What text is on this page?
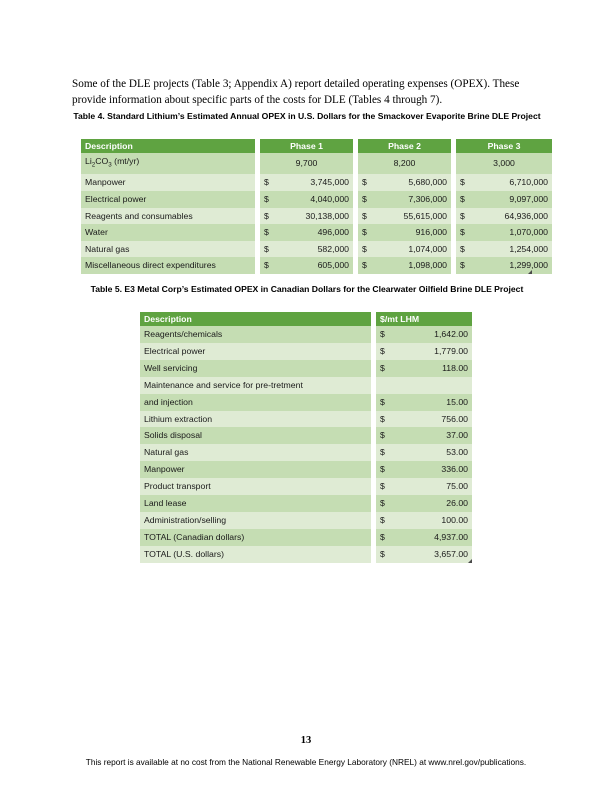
Some of the DLE projects (Table 3; Appendix A) report detailed operating expenses (OPEX). These provide information about specific parts of the costs for DLE (Tables 4 through 7).

Table 4. Standard Lithium’s Estimated Annual OPEX in U.S. Dollars for the Smackover Evaporite Brine DLE Project
Description		Phase 1			Phase 2			Phase 3	
$Li_2CO_3$ (mt/yr)		9,700			8,200			3,000	
Manpower		$	3,745,000		$	5,680,000		$	6,710,000
Electrical power		$	4,040,000		$	7,306,000		$	9,097,000
Reagents and consumables		$	30,138,000		$	55,615,000		$	64,936,000
Water		$	496,000		$	916,000		$	1,070,000
Natural gas		$	582,000		$	1,074,000		$	1,254,000
Miscellaneous direct expenditures		$	605,000		$	1,098,000		$	1,299,000
Table 5. E3 Metal Corp’s Estimated OPEX in Canadian Dollars for the Clearwater Oilfield Brine DLE Project
Description		$/mt LHM	
Reagents/chemicals		$	1,642.00
Electrical power		$	1,779.00
Well servicing		$	118.00
Maintenance and service for pre-tretment			
and injection		$	15.00
Lithium extraction		$	756.00
Solids disposal		$	37.00
Natural gas		$	53.00
Manpower		$	336.00
Product transport		$	75.00
Land lease		$	26.00
Administration/selling		$	100.00
TOTAL (Canadian dollars)		$	4,937.00
TOTAL (U.S. dollars)		$	3,657.00
13
This report is available at no cost from the National Renewable Energy Laboratory (NREL) at www.nrel.gov/publications.
